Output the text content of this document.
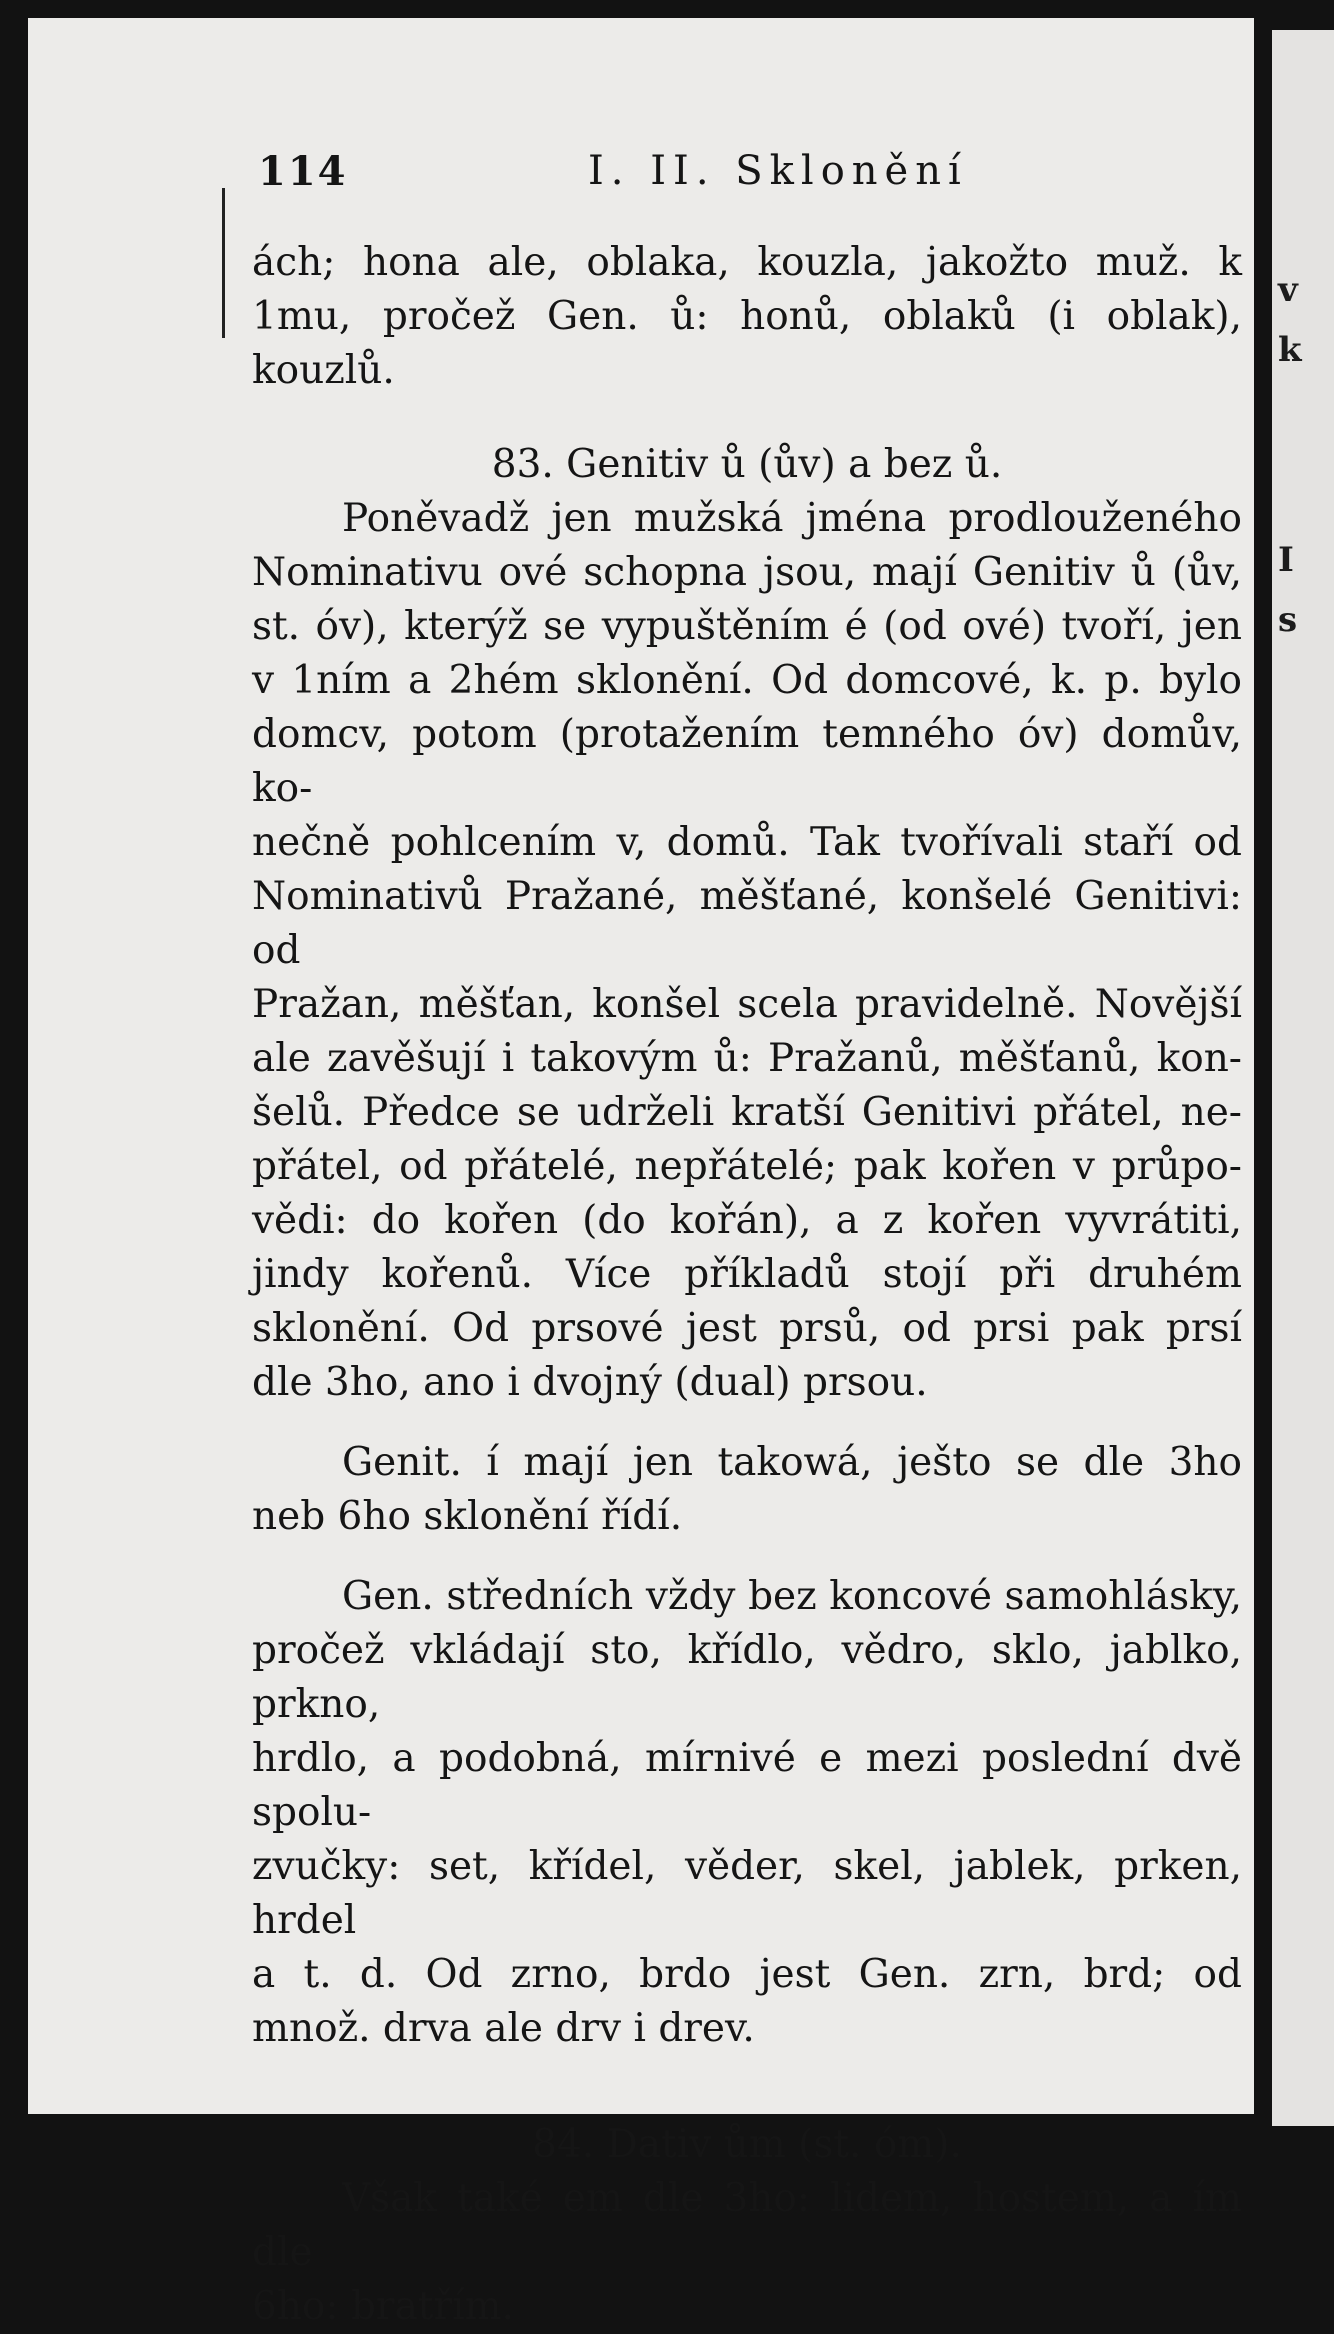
114	I. II. Sklonění

ách; hona ale, oblaka, kouzla, jakožto muž. k

1mu, pročež Gen. ů: honů, oblaků (i oblak), kouzlů.

83. Genitiv ů (ův) a bez ů.

Poněvadž jen mužská jména prodlouženého

Nominativu ové schopna jsou, mají Genitiv ů (ův,

st. óv), kterýž se vypuštěním é (od ové) tvoří, jen

v 1ním a 2hém sklonění. Od domcové, k. p. bylo

domcv, potom (protažením temného óv) domův, ko-

nečně pohlcením v, domů. Tak tvořívali staří od

Nominativů Pražané, měšťané, konšelé Genitivi: od

Pražan, měšťan, konšel scela pravidelně. Novější

ale zavěšují i takovým ů: Pražanů, měšťanů, kon-

šelů. Předce se udrželi kratší Genitivi přátel, ne-

přátel, od přátelé, nepřátelé; pak kořen v průpo-

vědi: do kořen (do kořán), a z kořen vyvrátiti,

jindy kořenů. Více příkladů stojí při druhém

sklonění. Od prsové jest prsů, od prsi pak prsí

dle 3ho, ano i dvojný (dual) prsou.

Genit. í mají jen takowá, ješto se dle 3ho

neb 6ho sklonění řídí.

Gen. středních vždy bez koncové samohlásky,

pročež vkládají sto, křídlo, vědro, sklo, jablko, prkno,

hrdlo, a podobná, mírnivé e mezi poslední dvě spolu-

zvučky: set, křídel, věder, skel, jablek, prken, hrdel

a t. d. Od zrno, brdo jest Gen. zrn, brd; od

množ. drva ale drv i drev.

84. Dativ ům (st. óm).

Však také em dle 3ho: lidem, hostem, a ím dle

6ho: bratřím.

v
k
I
s
